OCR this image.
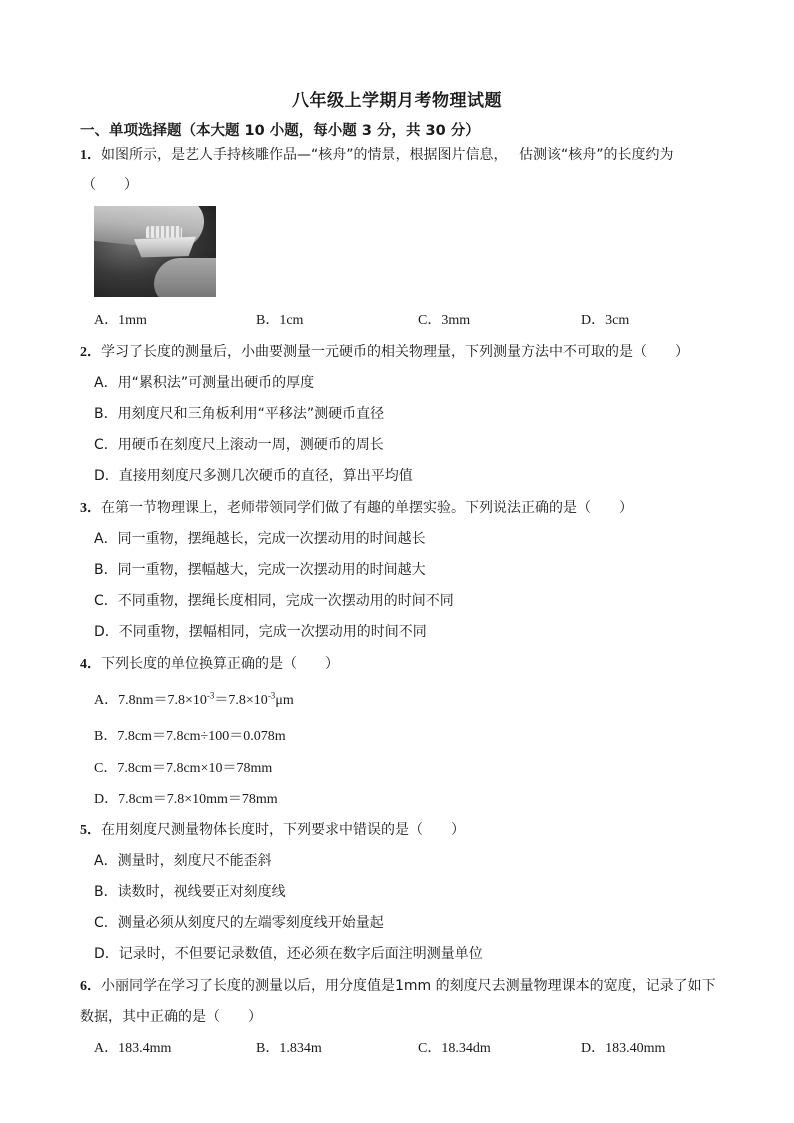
八年级上学期月考物理试题
一、单项选择题（本大题 10 小题，每小题 3 分，共 30 分）
1．如图所示，是艺人手持核雕作品—“核舟”的情景，根据图片信息，　 估测该“核舟”的长度约为
（　　）
A．1mm	B．1cm	C．3mm	D．3cm
2．学习了长度的测量后，小曲要测量一元硬币的相关物理量，下列测量方法中不可取的是（　　）
A．用“累积法”可测量出硬币的厚度
B．用刻度尺和三角板利用“平移法”测硬币直径
C．用硬币在刻度尺上滚动一周，测硬币的周长
D．直接用刻度尺多测几次硬币的直径，算出平均值
3．在第一节物理课上，老师带领同学们做了有趣的单摆实验。下列说法正确的是（　　）
A．同一重物，摆绳越长，完成一次摆动用的时间越长
B．同一重物，摆幅越大，完成一次摆动用的时间越大
C．不同重物，摆绳长度相同，完成一次摆动用的时间不同
D．不同重物，摆幅相同，完成一次摆动用的时间不同
4．下列长度的单位换算正确的是（　　）
A．$7.8nm=7.8\times 10^{-3}=7.8\times 10^{-3}\mu m$
B．7.8cm＝7.8cm÷100＝0.078m
C．7.8cm＝7.8cm×10＝78mm
D．7.8cm＝7.8×10mm＝78mm
5．在用刻度尺测量物体长度时，下列要求中错误的是（　　）
A．测量时，刻度尺不能歪斜
B．读数时，视线要正对刻度线
C．测量必须从刻度尺的左端零刻度线开始量起
D．记录时，不但要记录数值，还必须在数字后面注明测量单位
6．小丽同学在学习了长度的测量以后，用分度值是1mm 的刻度尺去测量物理课本的宽度，记录了如下
数据，其中正确的是（　　）
A．183.4mm	B．1.834m	C．18.34dm	D．183.40mm
